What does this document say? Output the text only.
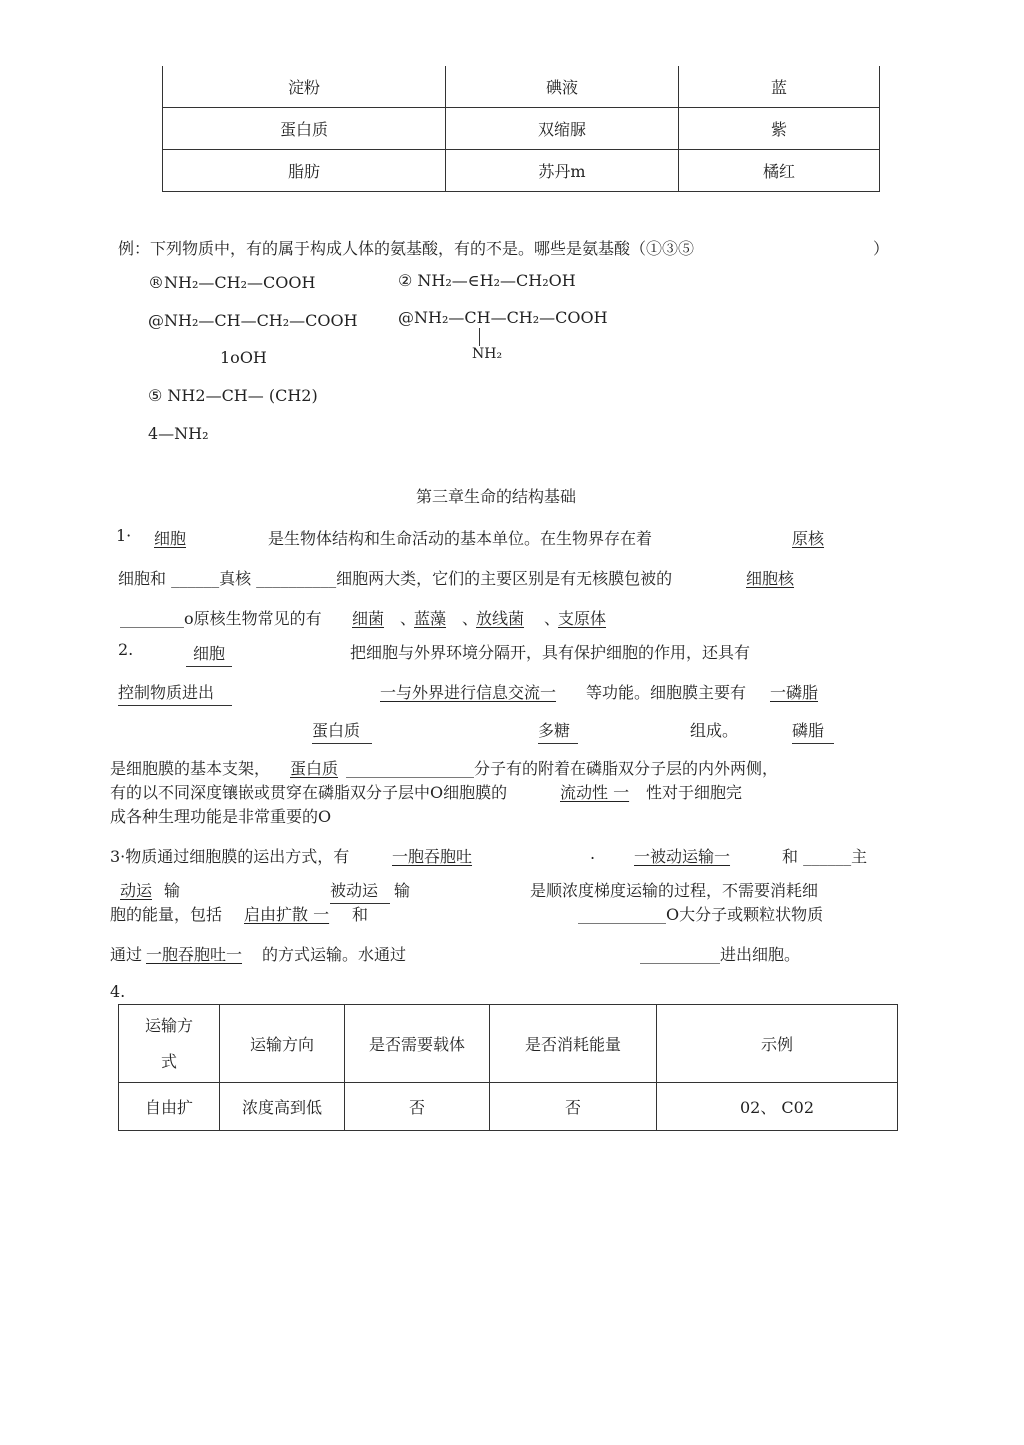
淀粉	碘液	蓝
蛋白质	双缩脲	紫
脂肪	苏丹m	橘红
例：下列物质中，有的属于构成人体的氨基酸，有的不是。哪些是氨基酸（①③⑤	）
®NH₂—CH₂—COOH	② NH₂—∈H₂—CH₂OH
@NH₂—CH—CH₂—COOH	@NH₂—CH—CH₂—COOH
1oOH	NH₂
⑤ NH2—CH— (CH2)
4—NH₂
第三章生命的结构基础
1· 细胞	是生物体结构和生命活动的基本单位。在生物界存在着	原核
细胞和 ______真核 __________细胞两大类，它们的主要区别是有无核膜包被的	细胞核
________o原核生物常见的有 细菌 、
蓝藻 、
放线菌 、
支原体
2.	细胞	把细胞与外界环境分隔开，具有保护细胞的作用，还具有
控制物质进出	一与外界进行信息交流一 等功能。细胞膜主要有 一磷脂
蛋白质	多糖	组成。	磷脂
是细胞膜的基本支架， 蛋白质 ________________分子有的附着在磷脂双分子层的内外两侧，
有的以不同深度镶嵌或贯穿在磷脂双分子层中O细胞膜的	流动性 一 性对于细胞完
成各种生理功能是非常重要的O
3·物质通过细胞膜的运出方式，有	一胞吞胞吐	. 一被动运输一	和 ______主
动运 输	被动运 输	是顺浓度梯度运输的过程，不需要消耗细
胞的能量，包括 启由扩散 一 和	___________O大分子或颗粒状物质
通过 一胞吞胞吐一 的方式运输。水通过	__________进出细胞。
4.
运输方
式	运输方向	是否需要载体	是否消耗能量	示例
自由扩	浓度高到低	否	否	02、 C02
